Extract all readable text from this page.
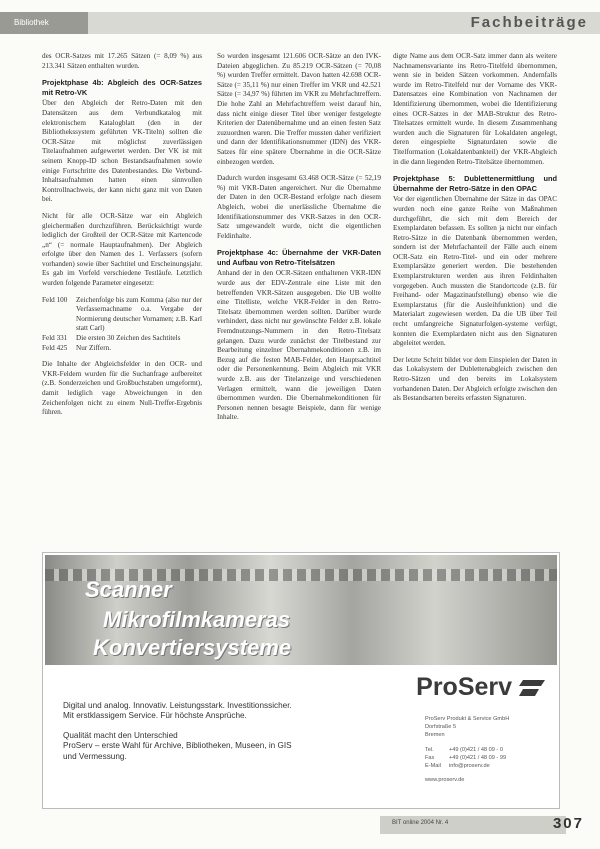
Bibliothek	Fachbeiträge

des OCR-Satzes mit 17.265 Sätzen (= 8,09 %) aus 213.341 Sätzen enthalten wurden.

Projektphase 4b: Abgleich des OCR-Satzes mit Retro-VK

Über den Abgleich der Retro-Daten mit den Datensätzen aus dem Verbundkatalog mit elektronischem Katalogblatt (den in der Bibliothekssystem geführten VK-Titeln) sollten die OCR-Sätze mit möglichst zuverlässigen Titelaufnahmen aufgewertet werden. Der VK ist mit seinem Knopp-ID schon Bestandsaufnahmen sowie einige Fortschritte des Datenbestandes. Die Verbund-Inhaltsaufnahmen hatten einen sinnvollen Kontrollnachweis, der kann nicht ganz mit von Daten bei.

Nicht für alle OCR-Sätze war ein Abgleich gleichermaßen durchzuführen. Berücksichtigt wurde lediglich der Großteil der OCR-Sätze mit Kartencode „n“ (= normale Hauptaufnahmen). Der Abgleich erfolgte über den Namen des 1. Verfassers (sofern vorhanden) sowie über Sachtitel und Erscheinungsjahr. Es gab im Vorfeld verschiedene Testläufe. Letztlich wurden folgende Parameter eingesetzt:

Feld 100	Zeichenfolge bis zum Komma (also nur der Verfassernachname o.a. Vergabe der Normierung deutscher Vornamen; z.B. Karl statt Carl)
Feld 331	Die ersten 30 Zeichen des Sachtitels
Feld 425	Nur Ziffern.

Die Inhalte der Abgleichsfelder in den OCR- und VKR-Feldern wurden für die Suchanfrage aufbereitet (z.B. Sonderzeichen und Großbuchstaben umgeformt), damit lediglich vage Abweichungen in den Zeichenfolgen nicht zu einem Null-Treffer-Ergebnis führen.

So wurden insgesamt 121.606 OCR-Sätze an den IVK-Dateien abgeglichen. Zu 85.219 OCR-Sätzen (= 70,08 %) wurden Treffer ermittelt. Davon hatten 42.698 OCR-Sätze (= 35,11 %) nur einen Treffer im VKR und 42.521 Sätze (= 34,97 %) führten im VKR zu Mehrfachtreffern. Die hohe Zahl an Mehrfachtreffern weist darauf hin, dass nicht einige dieser Titel über weniger festgelegte Kriterien der Datenübernahme und an einen festen Satz zuzuordnen waren. Die Treffer mussten daher verifiziert und dann der Identifikationsnummer (IDN) des VKR-Satzes für eine spätere Übernahme in die OCR-Sätze einbezogen werden.

Dadurch wurden insgesamt 63.468 OCR-Sätze (= 52,19 %) mit VKR-Daten angereichert. Nur die Übernahme der Daten in den OCR-Bestand erfolgte nach diesem Abgleich, wobei die unerlässliche Übernahme die Identifikationsnummer des VKR-Satzes in den OCR-Satz umgewandelt wurde, nicht die eigentlichen Feldinhalte.

Projektphase 4c: Übernahme der VKR-Daten und Aufbau von Retro-Titelsätzen

Anhand der in den OCR-Sätzen enthaltenen VKR-IDN wurde aus der EDV-Zentrale eine Liste mit den betreffenden VKR-Sätzen ausgegeben. Die UB wollte eine Titelliste, welche VKR-Felder in den Retro-Titelsatz übernommen werden sollten. Darüber wurde verhindert, dass nicht nur gewünschte Felder z.B. lokale Fremdnutzungs-Nummern in den Retro-Titelsatz gelangen. Dazu wurde zunächst der Titelbestand zur Bearbeitung einzelner Übernahmekonditionen z.B. im Bezug auf die festen MAB-Felder, den Hauptsachtitel oder die Personenkennung. Beim Abgleich mit VKR wurde z.B. aus der Titelanzeige und verschiedenen Verlagen ermittelt, wann die jeweiligen Daten übernommen wurden. Die Übernahmekonditionen für Personen nennen besagte Beispiele, dann für wenige Inhalte.

digte Name aus dem OCR-Satz immer dann als weitere Nachnamensvariante ins Retro-Titelfeld übernommen, wenn sie in beiden Sätzen vorkommen. Andernfalls wurde im Retro-Titelfeld nur der Vorname des VKR-Datensatzes eine Kombination von Nachnamen der Identifizierung übernommen, wobei die Identifizierung eines OCR-Satzes in der MAB-Struktur des Retro-Titelsatzes ermittelt wurde. In diesem Zusammenhang wurden auch die Signaturen für Lokaldaten angelegt, deren eingespielte Signaturdaten sowie die Titelformation (Lokaldatenbankteil) der VKR-Abgleich in die dann liegenden Retro-Titelsätze übernommen.

Projektphase 5: Dublettenermittlung und Übernahme der Retro-Sätze in den OPAC

Vor der eigentlichen Übernahme der Sätze in das OPAC wurden noch eine ganze Reihe von Maßnahmen durchgeführt, die sich mit dem Bereich der Exemplardaten befassen. Es sollten ja nicht nur einfach Retro-Sätze in die Datenbank übernommen werden, sondern ist der Mehrfachanteil der Fälle auch einem OCR-Satz ein Retro-Titel- und ein oder mehrere Exemplarsätze generiert werden. Die bestehenden Exemplarstrukturen werden aus ihren Feldinhalten vorgegeben. Auch mussten die Standortcode (z.B. für Freihand- oder Magazinaufstellung) ebenso wie die Exemplarstatus (für die Ausleihfunktion) und die Materialart zugewiesen werden. Da die UB über Teil recht umfangreiche Signaturfolgen-systeme verfügt, konnten die Exemplardaten nicht aus den Signaturen abgeleitet werden.

Der letzte Schritt bildet vor dem Einspielen der Daten in das Lokalsystem der Dublettenabgleich zwischen den Retro-Sätzen und den bereits im Lokalsystem vorhandenen Daten. Der Abgleich erfolgte zwischen den als Bestandsarten bereits erfassten Signaturen.

Scanner
Mikrofilmkameras
Konvertiersysteme
ProServ

Digital und analog. Innovativ. Leistungsstark. Investitionssicher.
Mit erstklassigem Service. Für höchste Ansprüche.

Qualität macht den Unterschied
ProServ – erste Wahl für Archive, Bibliotheken, Museen, in GIS
und Vermessung.

ProServ Produkt & Service GmbH
Dorfstraße 5
Bremen
Tel.	+49 (0)421 / 48 09 - 0
Fax	+49 (0)421 / 48 09 - 99
E-Mail	info@proserv.de
www.proserv.de
BIT online 2004 Nr. 4	307
